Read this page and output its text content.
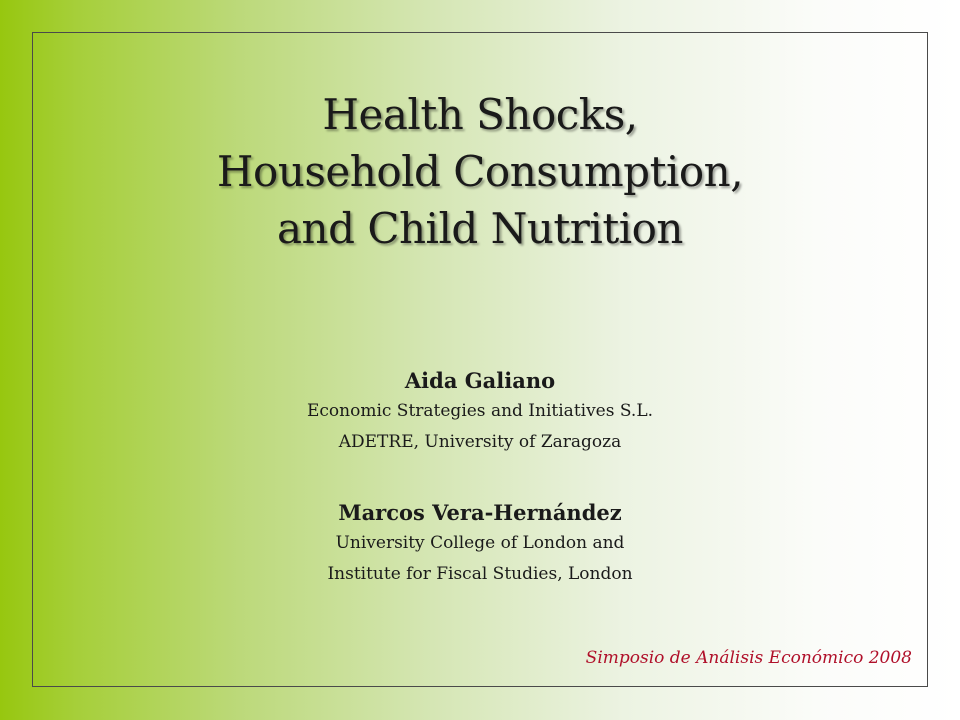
Health Shocks,
Household Consumption,
and Child Nutrition
Aida Galiano
Economic Strategies and Initiatives S.L.
ADETRE, University of Zaragoza
Marcos Vera-Hernández
University College of London and
Institute for Fiscal Studies, London
Simposio de Análisis Económico 2008
